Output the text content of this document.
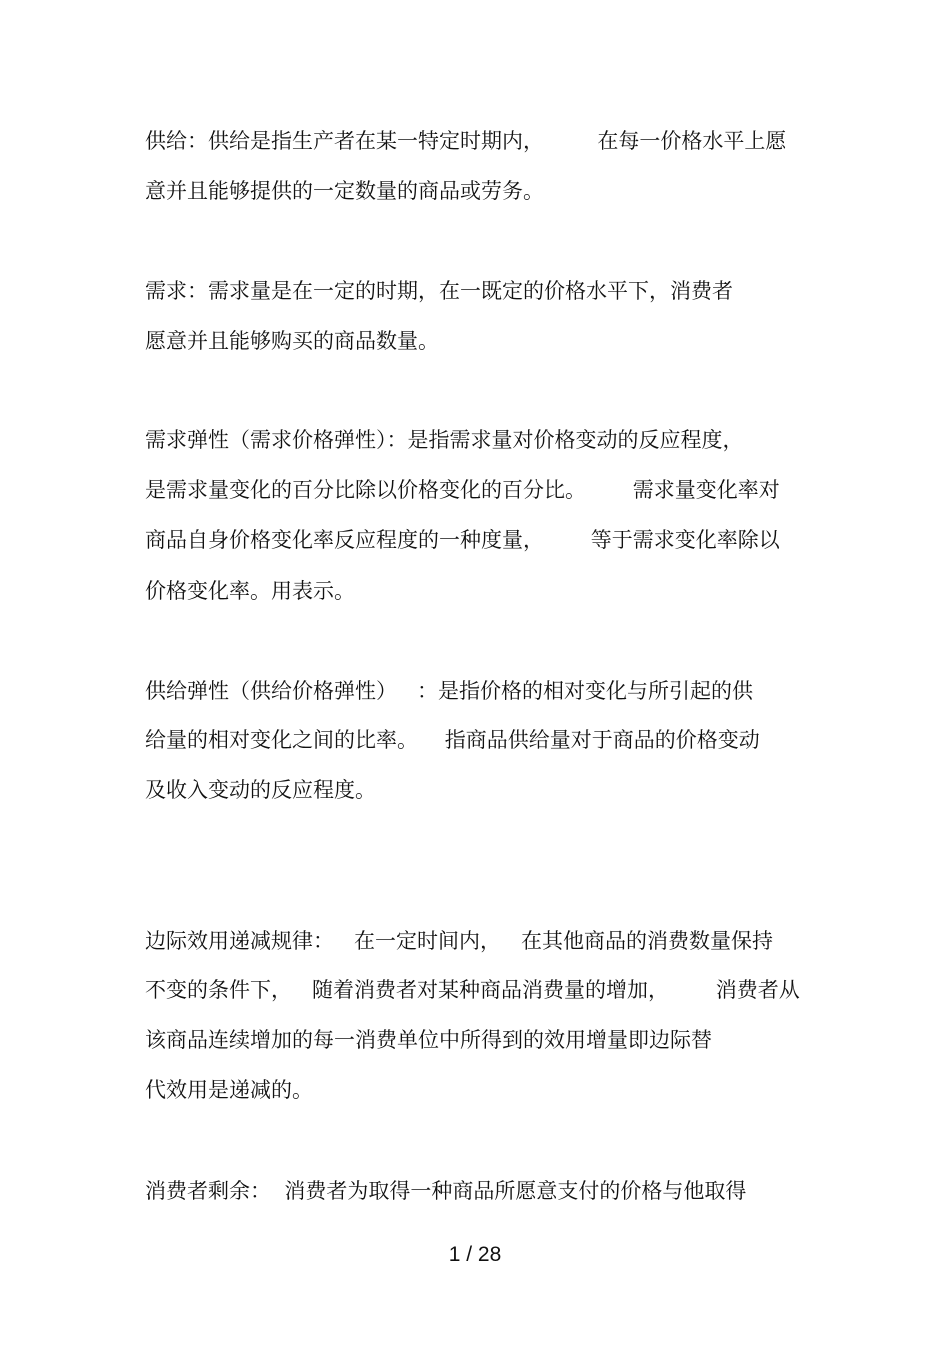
供给：供给是指生产者在某一特定时期内，        在每一价格水平上愿
意并且能够提供的一定数量的商品或劳务。
需求：需求量是在一定的时期，在一既定的价格水平下，消费者
愿意并且能够购买的商品数量。
需求弹性（需求价格弹性）：是指需求量对价格变动的反应程度，
是需求量变化的百分比除以价格变化的百分比。       需求量变化率对
商品自身价格变化率反应程度的一种度量，       等于需求变化率除以
价格变化率。用表示。
供给弹性（供给价格弹性）   ：是指价格的相对变化与所引起的供
给量的相对变化之间的比率。    指商品供给量对于商品的价格变动
及收入变动的反应程度。
边际效用递减规律：   在一定时间内，   在其他商品的消费数量保持
不变的条件下，   随着消费者对某种商品消费量的增加，       消费者从
该商品连续增加的每一消费单位中所得到的效用增量即边际替
代效用是递减的。
消费者剩余：  消费者为取得一种商品所愿意支付的价格与他取得
1 / 28
